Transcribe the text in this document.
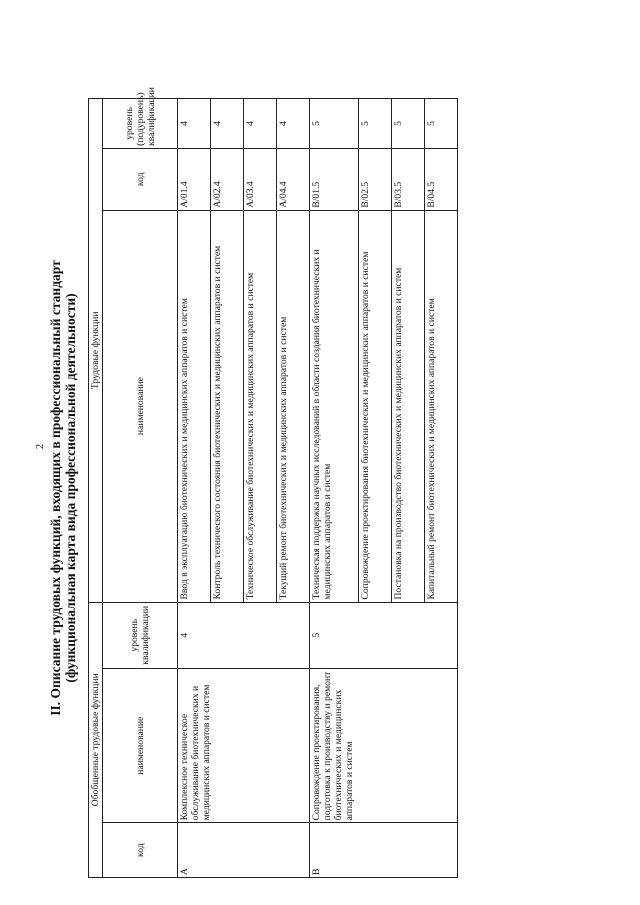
2 II. Описание трудовых функций, входящих в профессиональный стандарт (функциональная карта вида профессиональной деятельности)
Обобщенные трудовые функции			Трудовые функции		
код	наименование	уровень квалификации	наименование	код	уровень (подуровень) квалификации
A	Комплексное техническое обслуживание биотехнических и медицинских аппаратов и систем	4	Ввод в эксплуатацию биотехнических и медицинских аппаратов и систем	A/01.4	4
			Контроль технического состояния биотехнических и медицинских аппаратов и систем	A/02.4	4
			Техническое обслуживание биотехнических и медицинских аппаратов и систем	A/03.4	4
			Текущий ремонт биотехнических и медицинских аппаратов и систем	A/04.4	4
B	Сопровождение проектирования, подготовка к производству и ремонт биотехнических и медицинских аппаратов и систем	5	Техническая поддержка научных исследований в области создания биотехнических и медицинских аппаратов и систем	B/01.5	5
			Сопровождение проектирования биотехнических и медицинских аппаратов и систем	B/02.5	5
			Постановка на производство биотехнических и медицинских аппаратов и систем	B/03.5	5
			Капитальный ремонт биотехнических и медицинских аппаратов и систем	B/04.5	5
